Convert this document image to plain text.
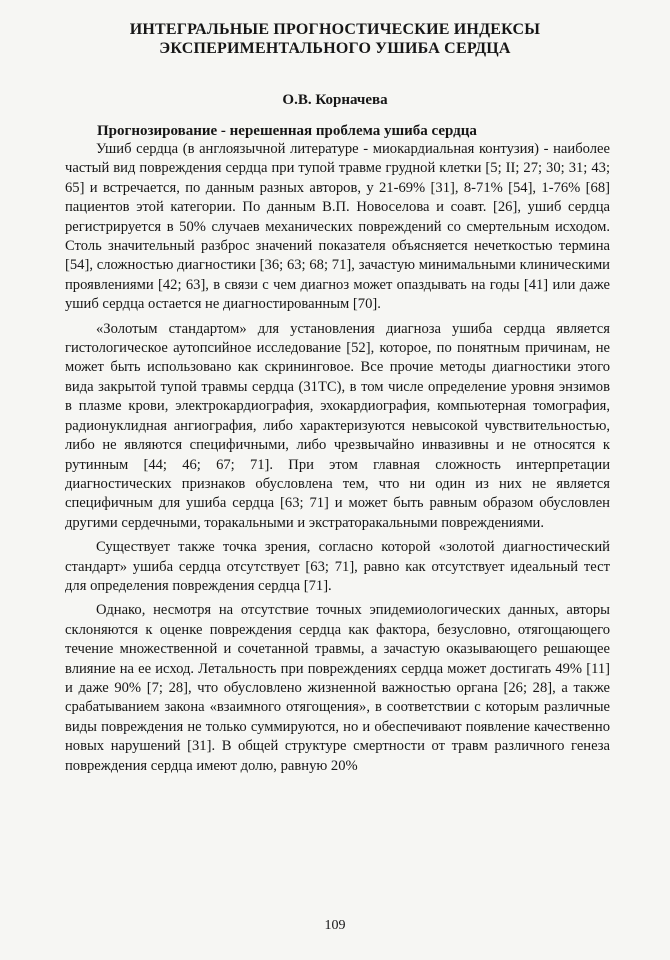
ИНТЕГРАЛЬНЫЕ ПРОГНОСТИЧЕСКИЕ ИНДЕКСЫ
ЭКСПЕРИМЕНТАЛЬНОГО УШИБА СЕРДЦА
О.В. Корначева
Прогнозирование - нерешенная проблема ушиба сердца

Ушиб сердца (в англоязычной литературе - миокардиальная контузия) - наиболее частый вид повреждения сердца при тупой травме грудной клетки [5; II; 27; 30; 31; 43; 65] и встречается, по данным разных авторов, у 21-69% [31], 8-71% [54], 1-76% [68] пациентов этой категории. По данным В.П. Новоселова и соавт. [26], ушиб сердца регистрируется в 50% случаев механических повреждений со смертельным исходом. Столь значительный разброс значений показателя объясняется нечеткостью термина [54], сложностью диагностики [36; 63; 68; 71], зачастую минимальными клиническими проявлениями [42; 63], в связи с чем диагноз может опаздывать на годы [41] или даже ушиб сердца остается не диагностированным [70].

«Золотым стандартом» для установления диагноза ушиба сердца является гистологическое аутопсийное исследование [52], которое, по понятным причинам, не может быть использовано как скрининговое. Все прочие методы диагностики этого вида закрытой тупой травмы сердца (31TC), в том числе определение уровня энзимов в плазме крови, электрокардиография, эхокардиография, компьютерная томография, радионуклидная ангиография, либо характеризуются невысокой чувствительностью, либо не являются специфичными, либо чрезвычайно инвазивны и не относятся к рутинным [44; 46; 67; 71]. При этом главная сложность интерпретации диагностических признаков обусловлена тем, что ни один из них не является специфичным для ушиба сердца [63; 71] и может быть равным образом обусловлен другими сердечными, торакальными и экстраторакальными повреждениями.

Существует также точка зрения, согласно которой «золотой диагностический стандарт» ушиба сердца отсутствует [63; 71], равно как отсутствует идеальный тест для определения повреждения сердца [71].

Однако, несмотря на отсутствие точных эпидемиологических данных, авторы склоняются к оценке повреждения сердца как фактора, безусловно, отягощающего течение множественной и сочетанной травмы, а зачастую оказывающего решающее влияние на ее исход. Летальность при повреждениях сердца может достигать 49% [11] и даже 90% [7; 28], что обусловлено жизненной важностью органа [26; 28], а также срабатыванием закона «взаимного отягощения», в соответствии с которым различные виды повреждения не только суммируются, но и обеспечивают появление качественно новых нарушений [31]. В общей структуре смертности от травм различного генеза повреждения сердца имеют долю, равную 20%

109
